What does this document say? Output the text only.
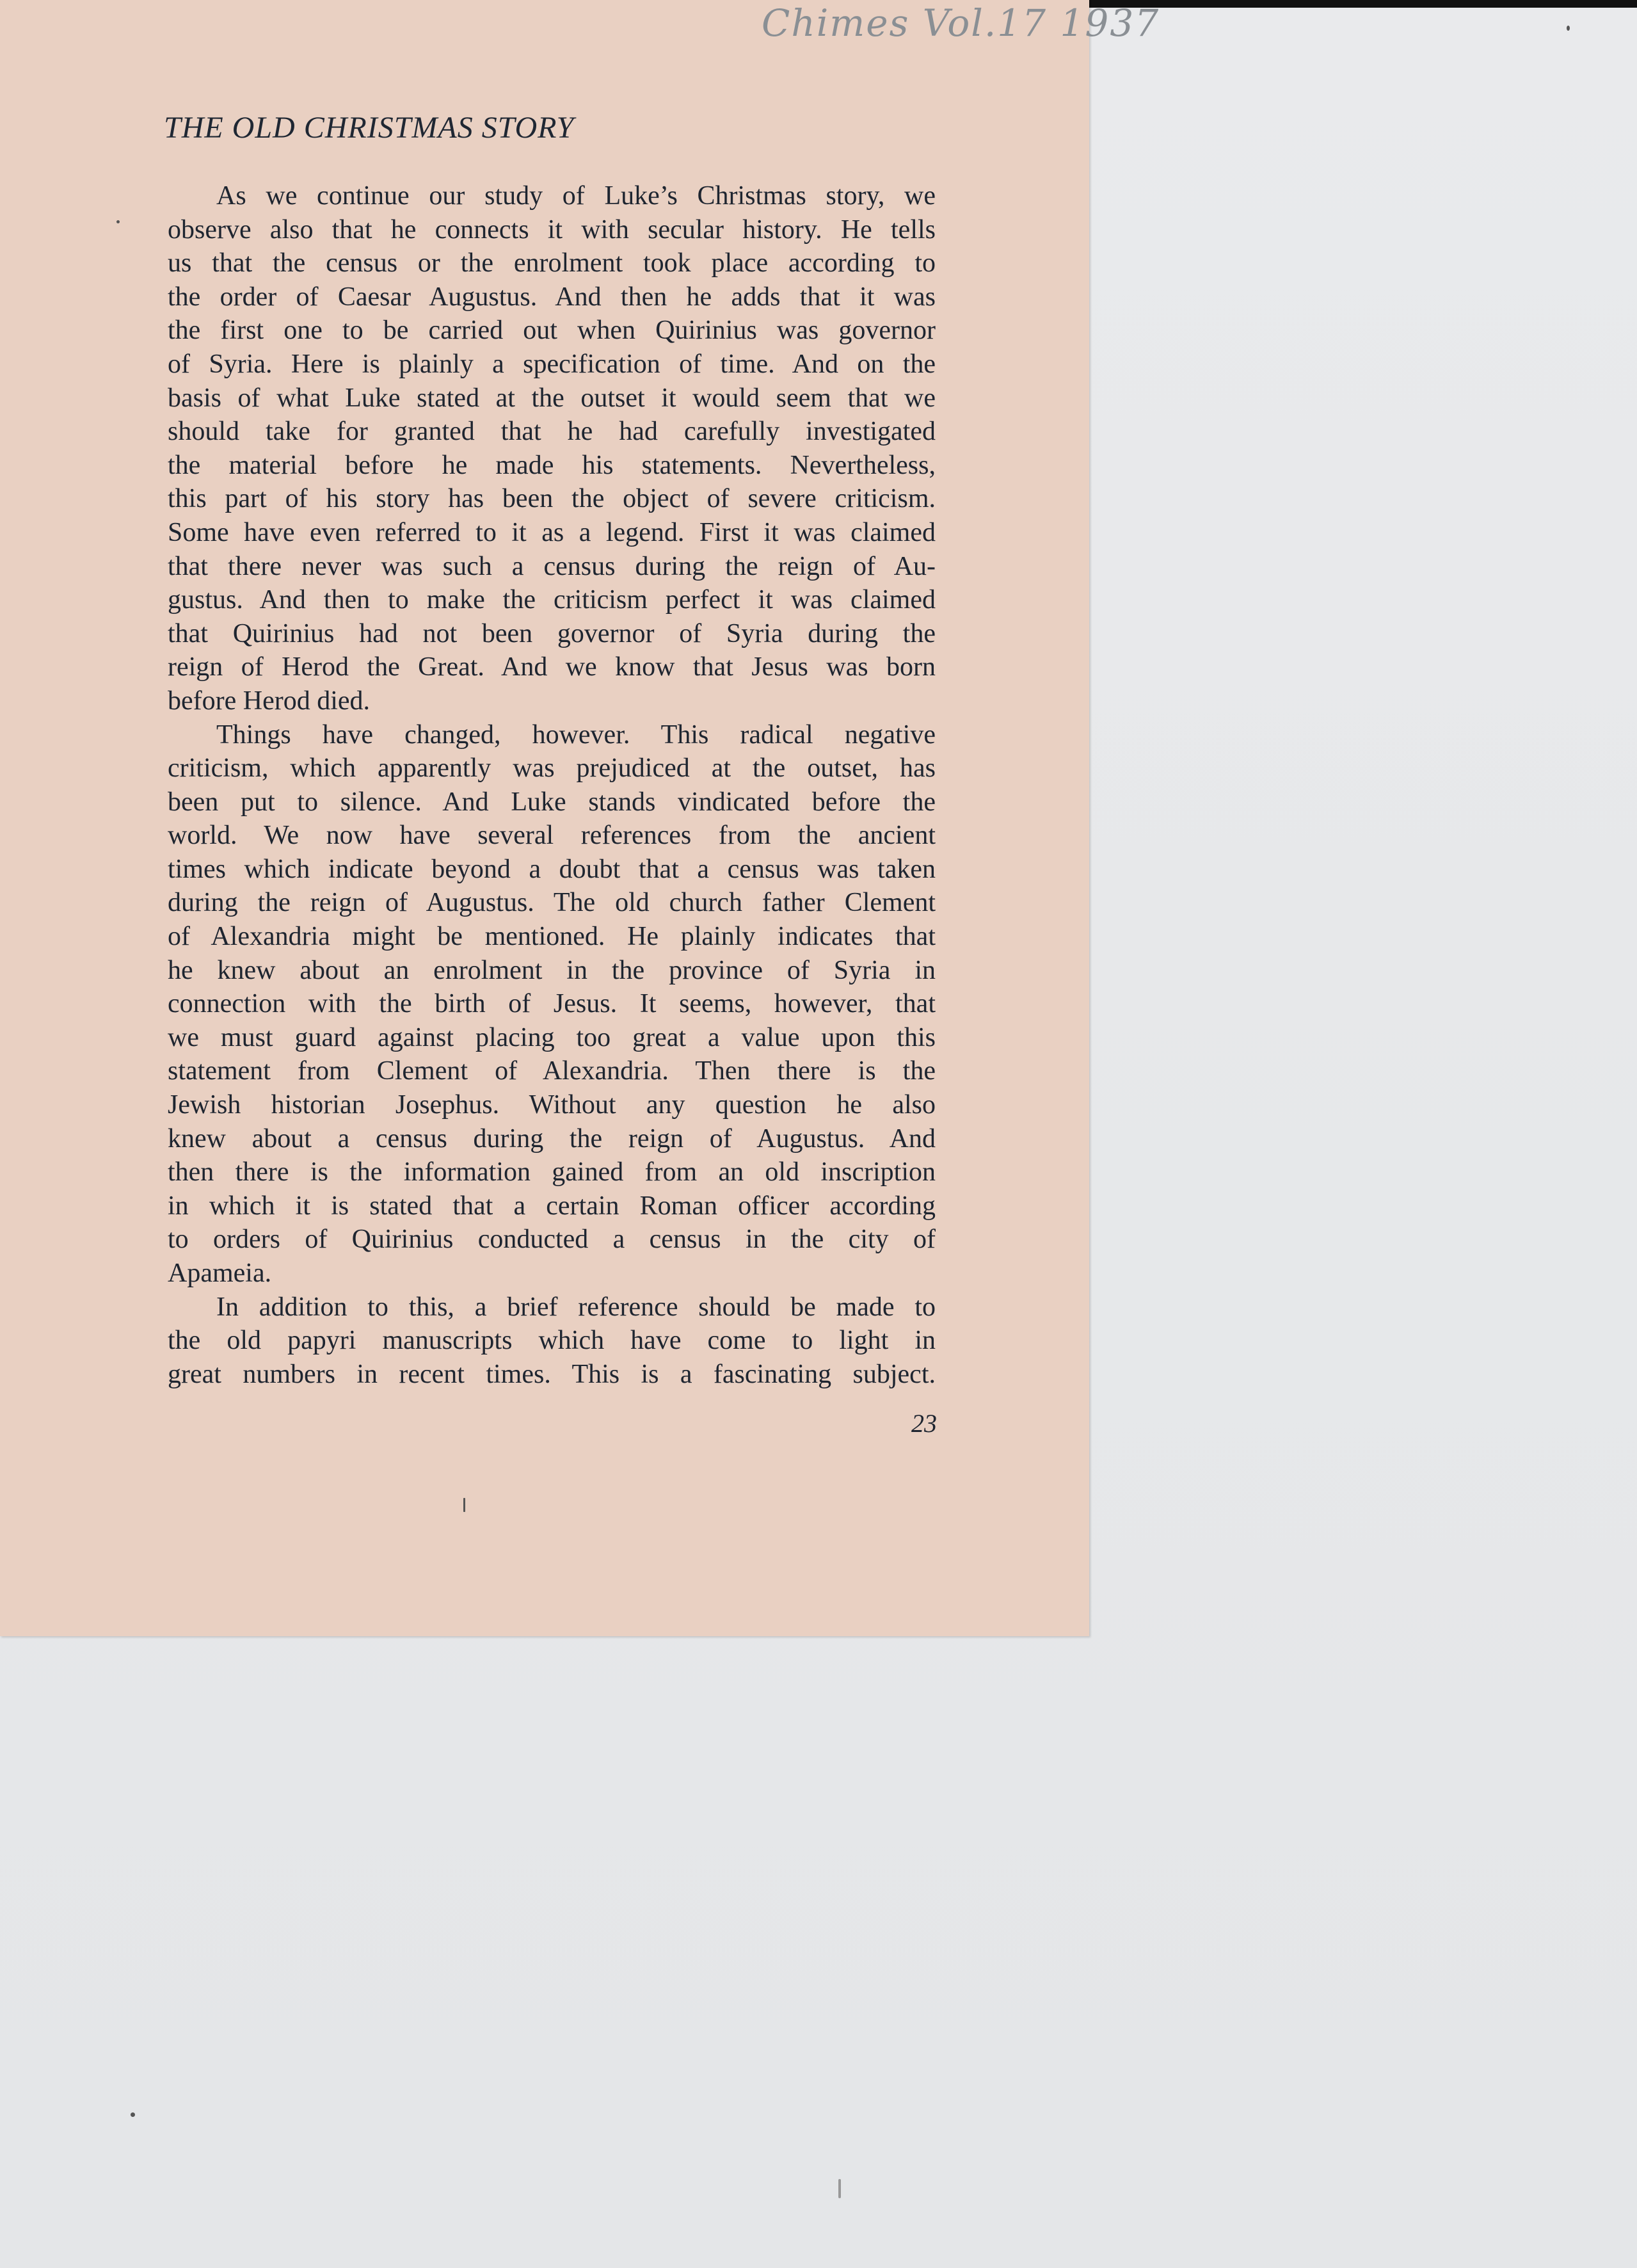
Chimes Vol.17 1937
THE OLD CHRISTMAS STORY
As we continue our study of Luke’s Christmas story, we
observe also that he connects it with secular history. He tells
us that the census or the enrolment took place according to
the order of Caesar Augustus. And then he adds that it was
the first one to be carried out when Quirinius was governor
of Syria. Here is plainly a specification of time. And on the
basis of what Luke stated at the outset it would seem that we
should take for granted that he had carefully investigated
the material before he made his statements. Nevertheless,
this part of his story has been the object of severe criticism.
Some have even referred to it as a legend. First it was claimed
that there never was such a census during the reign of Au-
gustus. And then to make the criticism perfect it was claimed
that Quirinius had not been governor of Syria during the
reign of Herod the Great. And we know that Jesus was born
before Herod died.
Things have changed, however. This radical negative
criticism, which apparently was prejudiced at the outset, has
been put to silence. And Luke stands vindicated before the
world. We now have several references from the ancient
times which indicate beyond a doubt that a census was taken
during the reign of Augustus. The old church father Clement
of Alexandria might be mentioned. He plainly indicates that
he knew about an enrolment in the province of Syria in
connection with the birth of Jesus. It seems, however, that
we must guard against placing too great a value upon this
statement from Clement of Alexandria. Then there is the
Jewish historian Josephus. Without any question he also
knew about a census during the reign of Augustus. And
then there is the information gained from an old inscription
in which it is stated that a certain Roman officer according
to orders of Quirinius conducted a census in the city of
Apameia.
In addition to this, a brief reference should be made to
the old papyri manuscripts which have come to light in
great numbers in recent times. This is a fascinating subject.
23
